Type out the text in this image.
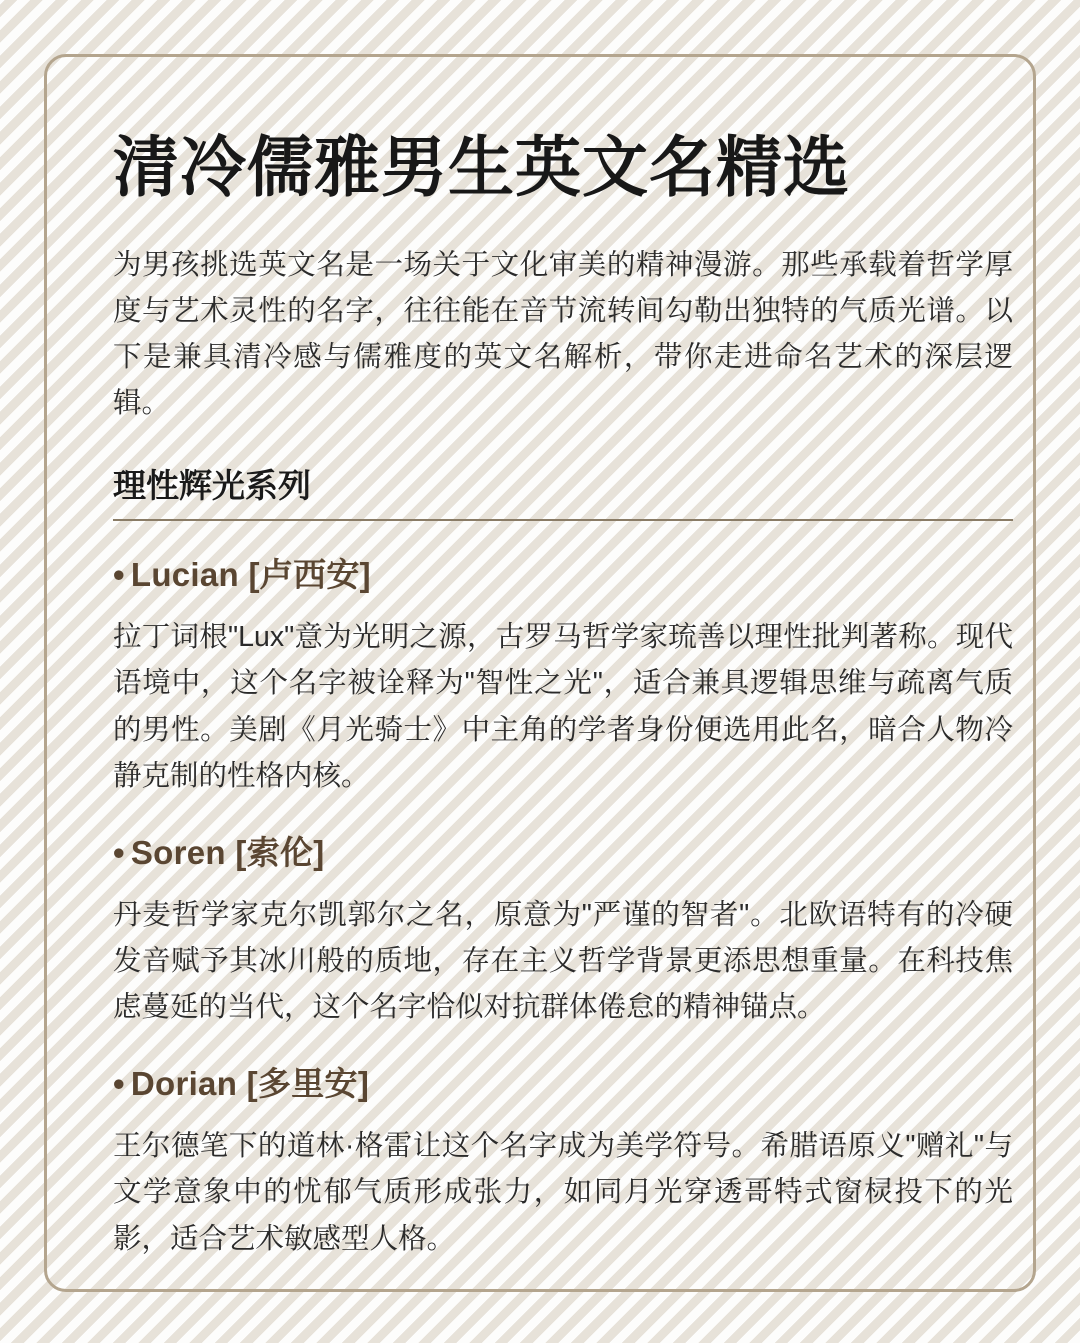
清冷儒雅男生英文名精选

为男孩挑选英文名是一场关于文化审美的精神漫游。那些承载着哲学厚度与艺术灵性的名字，往往能在音节流转间勾勒出独特的气质光谱。以下是兼具清冷感与儒雅度的英文名解析，带你走进命名艺术的深层逻辑。

理性辉光系列
• Lucian [卢西安]

拉丁词根"Lux"意为光明之源，古罗马哲学家琉善以理性批判著称。现代语境中，这个名字被诠释为"智性之光"，适合兼具逻辑思维与疏离气质的男性。美剧《月光骑士》中主角的学者身份便选用此名，暗合人物冷静克制的性格内核。

• Soren [索伦]

丹麦哲学家克尔凯郭尔之名，原意为"严谨的智者"。北欧语特有的冷硬发音赋予其冰川般的质地，存在主义哲学背景更添思想重量。在科技焦虑蔓延的当代，这个名字恰似对抗群体倦怠的精神锚点。

• Dorian [多里安]

王尔德笔下的道林·格雷让这个名字成为美学符号。希腊语原义"赠礼"与文学意象中的忧郁气质形成张力，如同月光穿透哥特式窗棂投下的光影，适合艺术敏感型人格。
